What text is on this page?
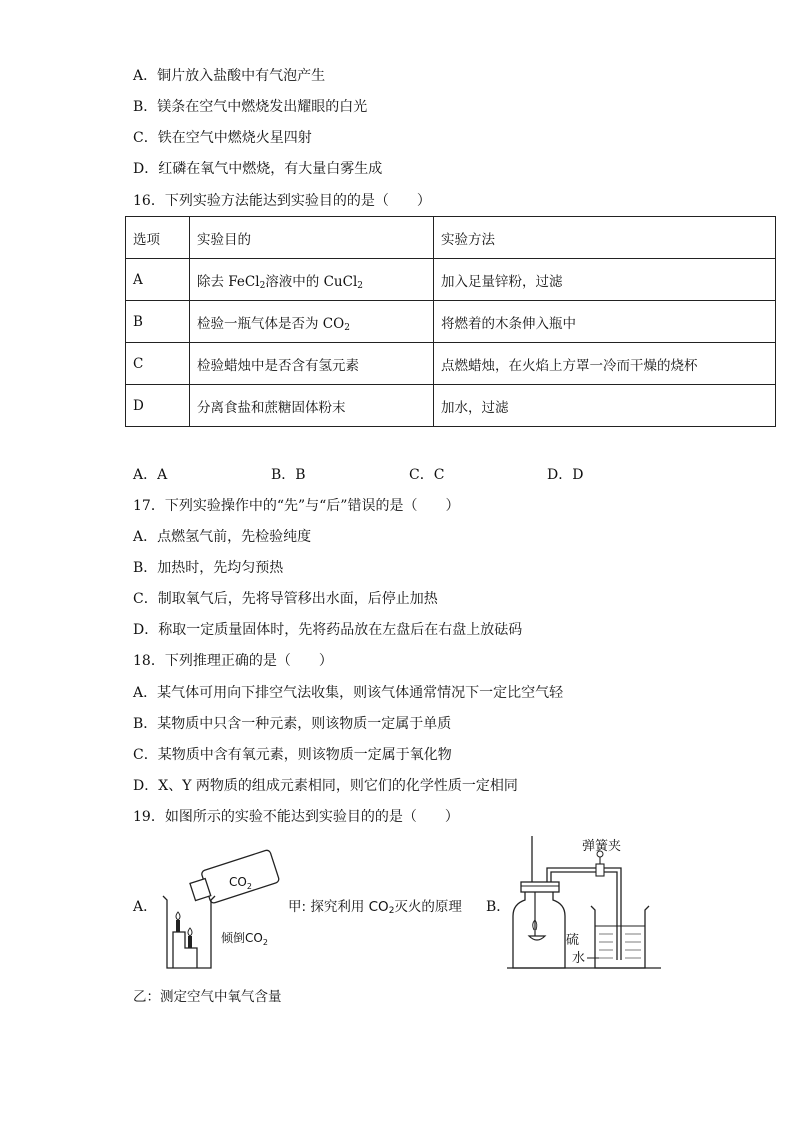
A．铜片放入盐酸中有气泡产生
B．镁条在空气中燃烧发出耀眼的白光
C．铁在空气中燃烧火星四射
D．红磷在氧气中燃烧，有大量白雾生成
16．下列实验方法能达到实验目的的是（　　）
选项	实验目的	实验方法
A	除去 FeCl$_2$溶液中的 CuCl$_2$	加入足量锌粉，过滤
B	检验一瓶气体是否为 $CO_2$	将燃着的木条伸入瓶中
C	检验蜡烛中是否含有氢元素	点燃蜡烛，在火焰上方罩一冷而干燥的烧杯
D	分离食盐和蔗糖固体粉末	加水，过滤
A．A	B．B	C．C	D．D
17．下列实验操作中的“先”与“后”错误的是（　　）
A．点燃氢气前，先检验纯度
B．加热时，先均匀预热
C．制取氧气后，先将导管移出水面，后停止加热
D．称取一定质量固体时，先将药品放在左盘后在右盘上放砝码
18．下列推理正确的是（　　）
A．某气体可用向下排空气法收集，则该气体通常情况下一定比空气轻
B．某物质中只含一种元素，则该物质一定属于单质
C．某物质中含有氧元素，则该物质一定属于氧化物
D．X、Y 两物质的组成元素相同，则它们的化学性质一定相同
19．如图所示的实验不能达到实验目的的是（　　）
A．
$CO_2$
倾倒$CO_2$
甲: 探究利用 $CO_2$灭火的原理 B．
硫
弹簧夹
水
乙：测定空气中氧气含量
